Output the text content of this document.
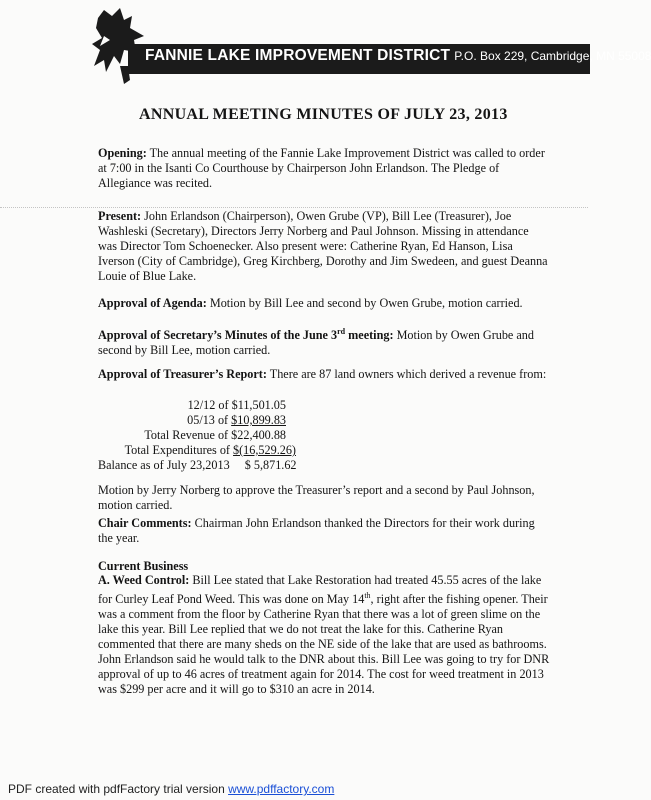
FANNIE LAKE IMPROVEMENT DISTRICT P.O. Box 229, Cambridge, MN 55008
ANNUAL MEETING MINUTES OF JULY 23, 2013
Opening: The annual meeting of the Fannie Lake Improvement District was called to order at 7:00 in the Isanti Co Courthouse by Chairperson John Erlandson. The Pledge of Allegiance was recited.
Present: John Erlandson (Chairperson), Owen Grube (VP), Bill Lee (Treasurer), Joe Washleski (Secretary), Directors Jerry Norberg and Paul Johnson. Missing in attendance was Director Tom Schoenecker. Also present were: Catherine Ryan, Ed Hanson, Lisa Iverson (City of Cambridge), Greg Kirchberg, Dorothy and Jim Swedeen, and guest Deanna Louie of Blue Lake.
Approval of Agenda: Motion by Bill Lee and second by Owen Grube, motion carried.
Approval of Secretary’s Minutes of the June 3rd meeting: Motion by Owen Grube and second by Bill Lee, motion carried.
Approval of Treasurer’s Report: There are 87 land owners which derived a revenue from:
12/12 of $11,501.05
05/13 of $10,899.83
Total Revenue of $22,400.88
Total Expenditures of $(16,529.26)
Balance as of July 23,2013 $ 5,871.62
Motion by Jerry Norberg to approve the Treasurer’s report and a second by Paul Johnson, motion carried.
Chair Comments: Chairman John Erlandson thanked the Directors for their work during the year.
Current Business
A. Weed Control: Bill Lee stated that Lake Restoration had treated 45.55 acres of the lake for Curley Leaf Pond Weed. This was done on May 14th, right after the fishing opener. Their was a comment from the floor by Catherine Ryan that there was a lot of green slime on the lake this year. Bill Lee replied that we do not treat the lake for this. Catherine Ryan commented that there are many sheds on the NE side of the lake that are used as bathrooms. John Erlandson said he would talk to the DNR about this. Bill Lee was going to try for DNR approval of up to 46 acres of treatment again for 2014. The cost for weed treatment in 2013 was $299 per acre and it will go to $310 an acre in 2014.
PDF created with pdfFactory trial version www.pdffactory.com
